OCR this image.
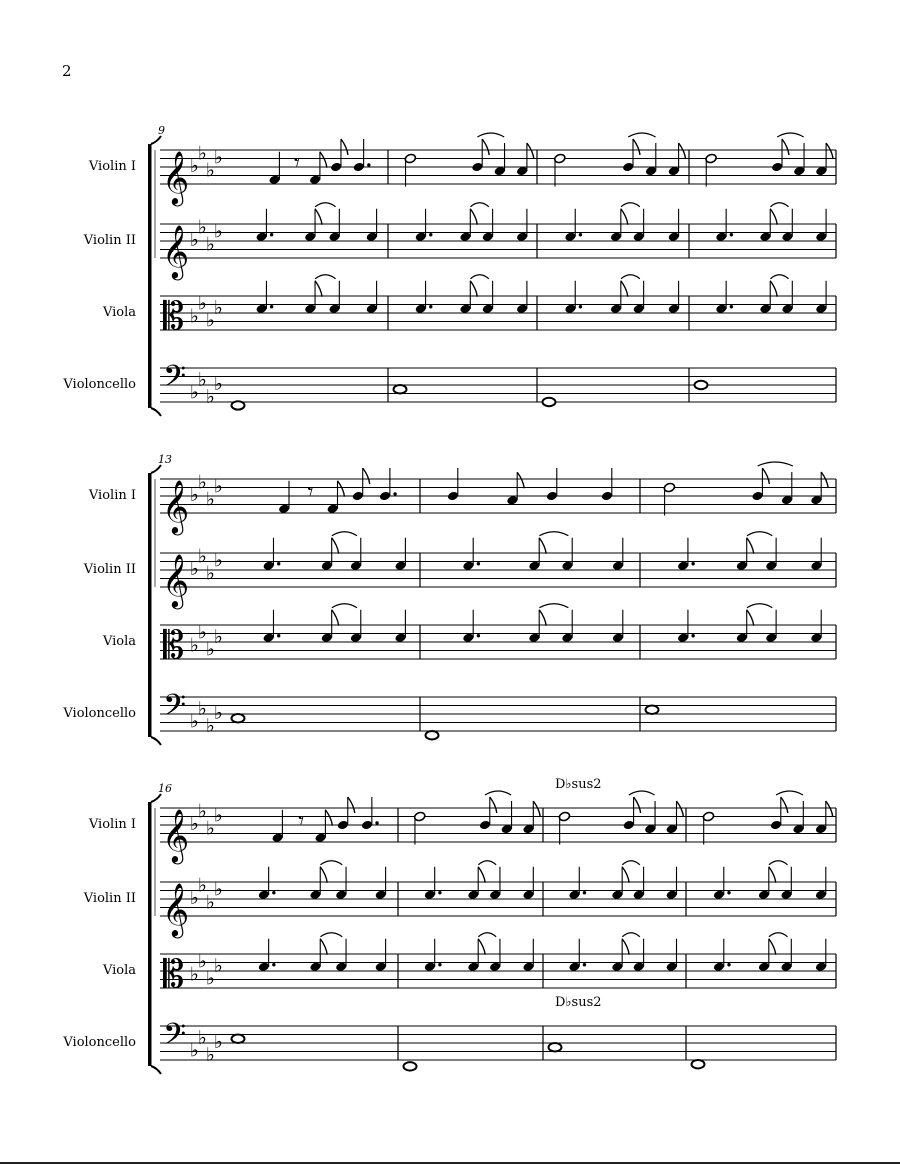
2
9
Violin I 𝄞 ♭
♭
♭
♭	𝄾
Violin II 𝄞 ♭
♭
♭
♭
Viola 𝄡 ♭
♭
♭
♭
Violoncello 𝄢 ♭
♭
♭
♭
13
Violin I 𝄞 ♭
♭
♭
♭	𝄾
Violin II 𝄞 ♭
♭
♭
♭
Viola 𝄡 ♭
♭
♭
♭
Violoncello 𝄢 ♭
♭
♭
♭
16
Violin I 𝄞 ♭
♭
♭
♭	𝄾
Violin II 𝄞 ♭
♭
♭
♭
Viola 𝄡 ♭
♭
♭
♭
Violoncello 𝄢 ♭
♭
♭
♭
D♭sus2
D♭sus2
